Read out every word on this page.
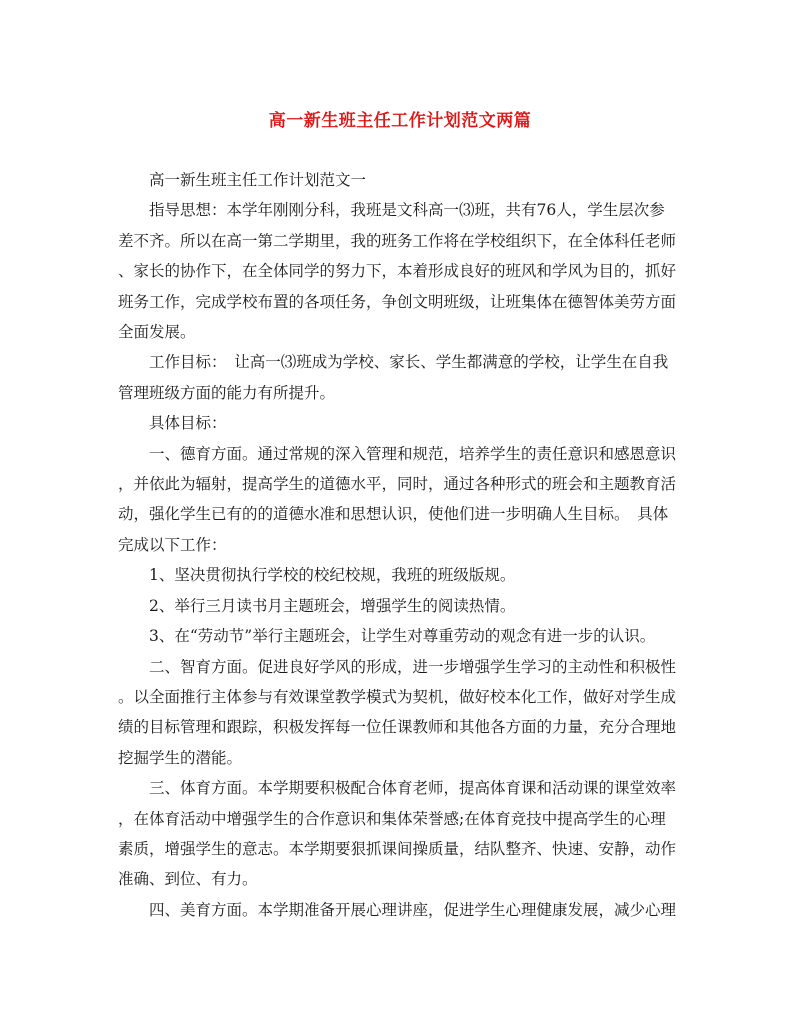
高一新生班主任工作计划范文两篇

　　高一新生班主任工作计划范文一

　　指导思想：本学年刚刚分科，我班是文科高一⑶班，共有76人，学生层次参

差不齐。所以在高一第二学期里，我的班务工作将在学校组织下，在全体科任老师

、家长的协作下，在全体同学的努力下，本着形成良好的班风和学风为目的，抓好

班务工作，完成学校布置的各项任务，争创文明班级，让班集体在德智体美劳方面

全面发展。

　　工作目标：　让高一⑶班成为学校、家长、学生都满意的学校，让学生在自我

管理班级方面的能力有所提升。

　　具体目标：

　　一、德育方面。通过常规的深入管理和规范，培养学生的责任意识和感恩意识

，并依此为辐射，提高学生的道德水平，同时，通过各种形式的班会和主题教育活

动，强化学生已有的的道德水准和思想认识，使他们进一步明确人生目标。　具体

完成以下工作：

　　1、坚决贯彻执行学校的校纪校规，我班的班级版规。

　　2、举行三月读书月主题班会，增强学生的阅读热情。

　　3、在“劳动节”举行主题班会，让学生对尊重劳动的观念有进一步的认识。

　　二、智育方面。促进良好学风的形成，进一步增强学生学习的主动性和积极性

。以全面推行主体参与有效课堂教学模式为契机，做好校本化工作，做好对学生成

绩的目标管理和跟踪，积极发挥每一位任课教师和其他各方面的力量，充分合理地

挖掘学生的潜能。

　　三、体育方面。本学期要积极配合体育老师，提高体育课和活动课的课堂效率

，在体育活动中增强学生的合作意识和集体荣誉感;在体育竞技中提高学生的心理

素质，增强学生的意志。本学期要狠抓课间操质量，结队整齐、快速、安静，动作

准确、到位、有力。

　　四、美育方面。本学期准备开展心理讲座，促进学生心理健康发展，减少心理
